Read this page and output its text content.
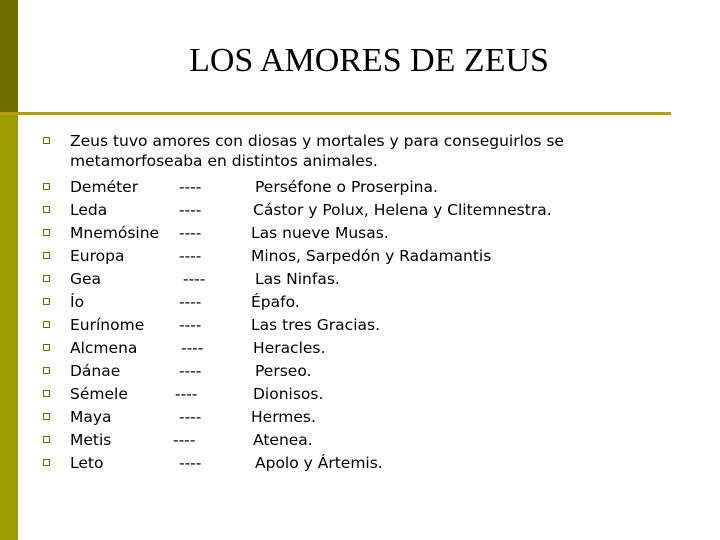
LOS AMORES DE ZEUS
Zeus tuvo amores con diosas y mortales y para conseguirlos se metamorfoseaba en distintos animales.
Deméter	----	Perséfone o Proserpina.
Leda	----	Cástor y Polux, Helena y Clitemnestra.
Mnemósine ----	Las nueve Musas.
Europa	----	Minos, Sarpedón y Radamantis
Gea	----	Las Ninfas.
Ío	----	Épafo.
Eurínome ----	Las tres Gracias.
Alcmena	----	Heracles.
Dánae	----	Perseo.
Sémele	----	Dionisos.
Maya	----	Hermes.
Metis	----	Atenea.
Leto	----	Apolo y Ártemis.
